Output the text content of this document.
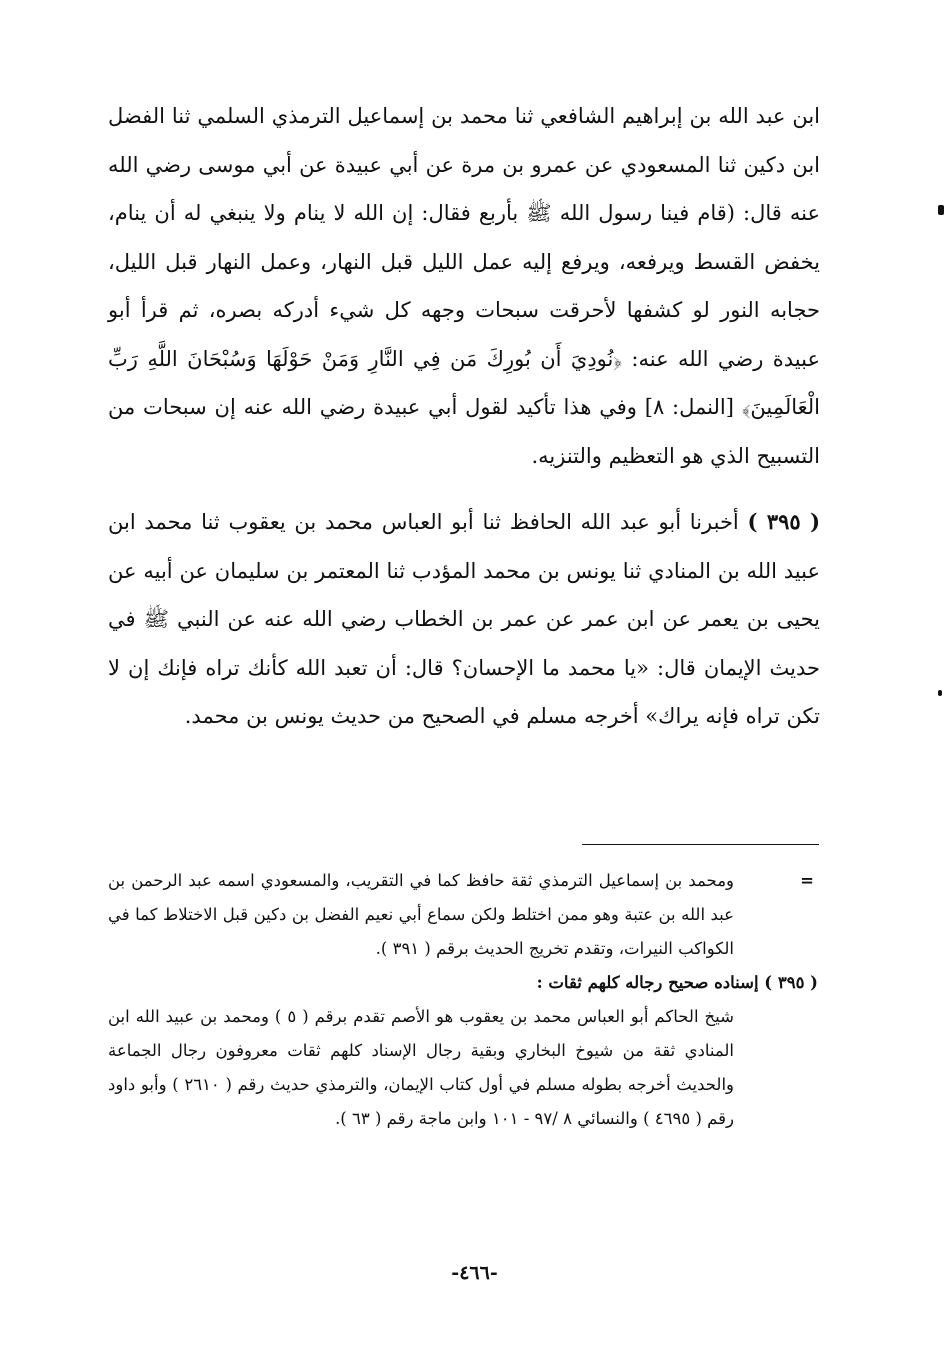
ابن عبد الله بن إبراهيم الشافعي ثنا محمد بن إسماعيل الترمذي السلمي ثنا الفضل ابن دكين ثنا المسعودي عن عمرو بن مرة عن أبي عبيدة عن أبي موسى رضي الله عنه قال: (قام فينا رسول الله ﷺ بأربع فقال: إن الله لا ينام ولا ينبغي له أن ينام، يخفض القسط ويرفعه، ويرفع إليه عمل الليل قبل النهار، وعمل النهار قبل الليل، حجابه النور لو كشفها لأحرقت سبحات وجهه كل شيء أدركه بصره، ثم قرأ أبو عبيدة رضي الله عنه: ﴿نُودِيَ أَن بُورِكَ مَن فِي النَّارِ وَمَنْ حَوْلَهَا وَسُبْحَانَ اللَّهِ رَبِّ الْعَالَمِينَ﴾ [النمل: ٨] وفي هذا تأكيد لقول أبي عبيدة رضي الله عنه إن سبحات من التسبيح الذي هو التعظيم والتنزيه.

( ٣٩٥ ) أخبرنا أبو عبد الله الحافظ ثنا أبو العباس محمد بن يعقوب ثنا محمد ابن عبيد الله بن المنادي ثنا يونس بن محمد المؤدب ثنا المعتمر بن سليمان عن أبيه عن يحيى بن يعمر عن ابن عمر عن عمر بن الخطاب رضي الله عنه عن النبي ﷺ في حديث الإيمان قال: «يا محمد ما الإحسان؟ قال: أن تعبد الله كأنك تراه فإنك إن لا تكن تراه فإنه يراك» أخرجه مسلم في الصحيح من حديث يونس بن محمد.

=
ومحمد بن إسماعيل الترمذي ثقة حافظ كما في التقريب، والمسعودي اسمه عبد الرحمن بن عبد الله بن عتبة وهو ممن اختلط ولكن سماع أبي نعيم الفضل بن دكين قبل الاختلاط كما في الكواكب النيرات، وتقدم تخريج الحديث برقم ( ٣٩١ ).

( ٣٩٥ ) إسناده صحيح رجاله كلهم ثقات :

شيخ الحاكم أبو العباس محمد بن يعقوب هو الأصم تقدم برقم ( ٥ ) ومحمد بن عبيد الله ابن المنادي ثقة من شيوخ البخاري وبقية رجال الإسناد كلهم ثقات معروفون رجال الجماعة والحديث أخرجه بطوله مسلم في أول كتاب الإيمان، والترمذي حديث رقم ( ٢٦١٠ ) وأبو داود رقم ( ٤٦٩٥ ) والنسائي ٨ /٩٧ - ١٠١ وابن ماجة رقم ( ٦٣ ).

-٤٦٦-
